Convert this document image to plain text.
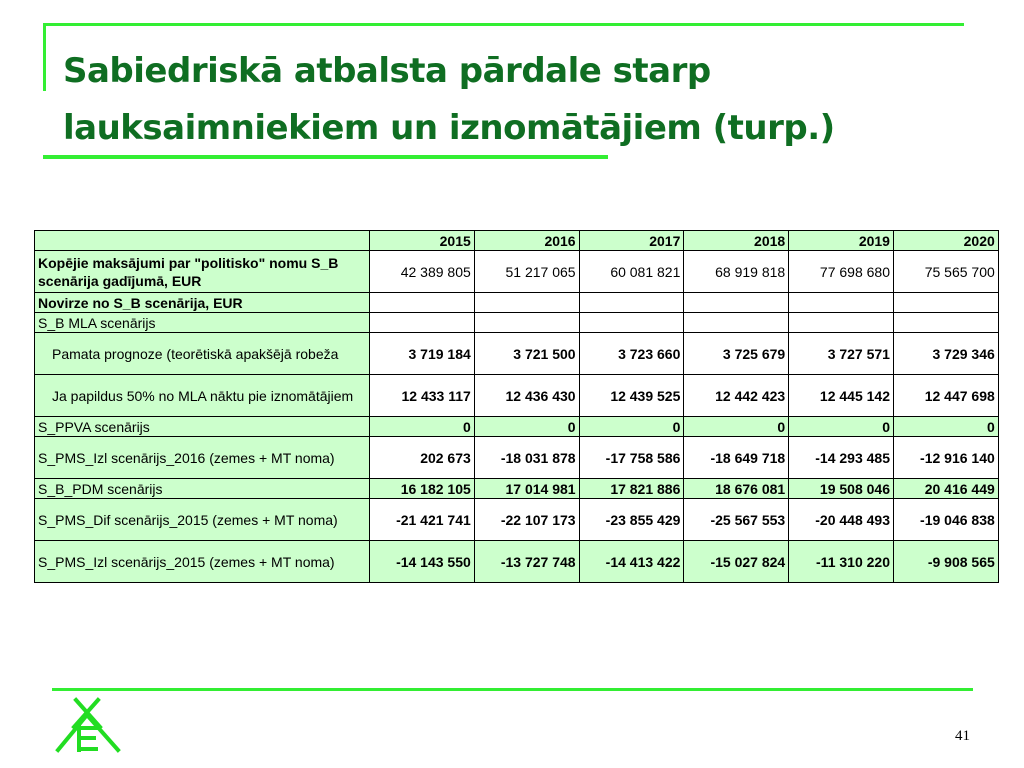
Sabiedriskā atbalsta pārdale starp
lauksaimniekiem un iznomātājiem (turp.)
	2015	2016	2017	2018	2019	2020
Kopējie maksājumi par "politisko" nomu S_B scenārija gadījumā, EUR	42 389 805	51 217 065	60 081 821	68 919 818	77 698 680	75 565 700
Novirze no S_B scenārija, EUR						
S_B MLA scenārijs						
Pamata prognoze (teorētiskā apakšējā robeža	3 719 184	3 721 500	3 723 660	3 725 679	3 727 571	3 729 346
Ja papildus 50% no MLA nāktu pie iznomātājiem	12 433 117	12 436 430	12 439 525	12 442 423	12 445 142	12 447 698
S_PPVA scenārijs	0	0	0	0	0	0
S_PMS_Izl scenārijs_2016 (zemes + MT noma)	202 673	-18 031 878	-17 758 586	-18 649 718	-14 293 485	-12 916 140
S_B_PDM scenārijs	16 182 105	17 014 981	17 821 886	18 676 081	19 508 046	20 416 449
S_PMS_Dif scenārijs_2015 (zemes + MT noma)	-21 421 741	-22 107 173	-23 855 429	-25 567 553	-20 448 493	-19 046 838
S_PMS_Izl scenārijs_2015 (zemes + MT noma)	-14 143 550	-13 727 748	-14 413 422	-15 027 824	-11 310 220	-9 908 565
41
